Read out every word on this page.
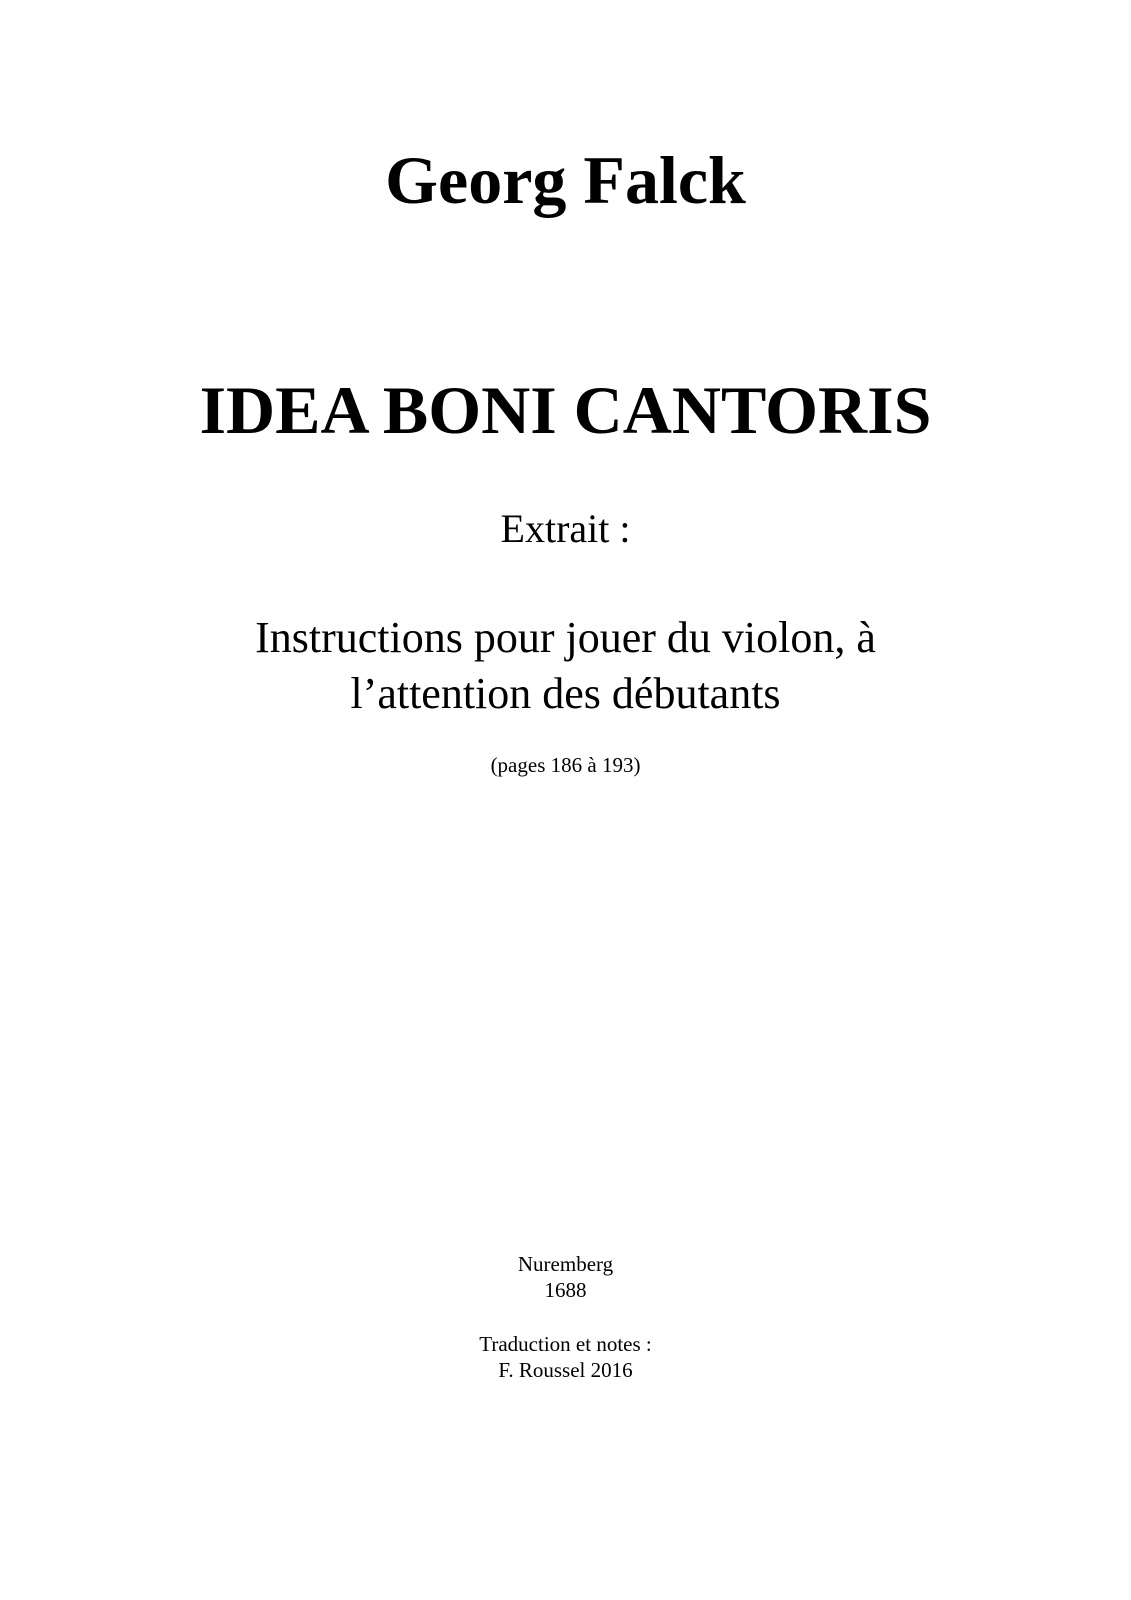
Georg Falck
IDEA BONI CANTORIS

Extrait :

Instructions pour jouer du violon, à
l’attention des débutants

(pages 186 à 193)

Nuremberg

1688

Traduction et notes :

F. Roussel 2016
